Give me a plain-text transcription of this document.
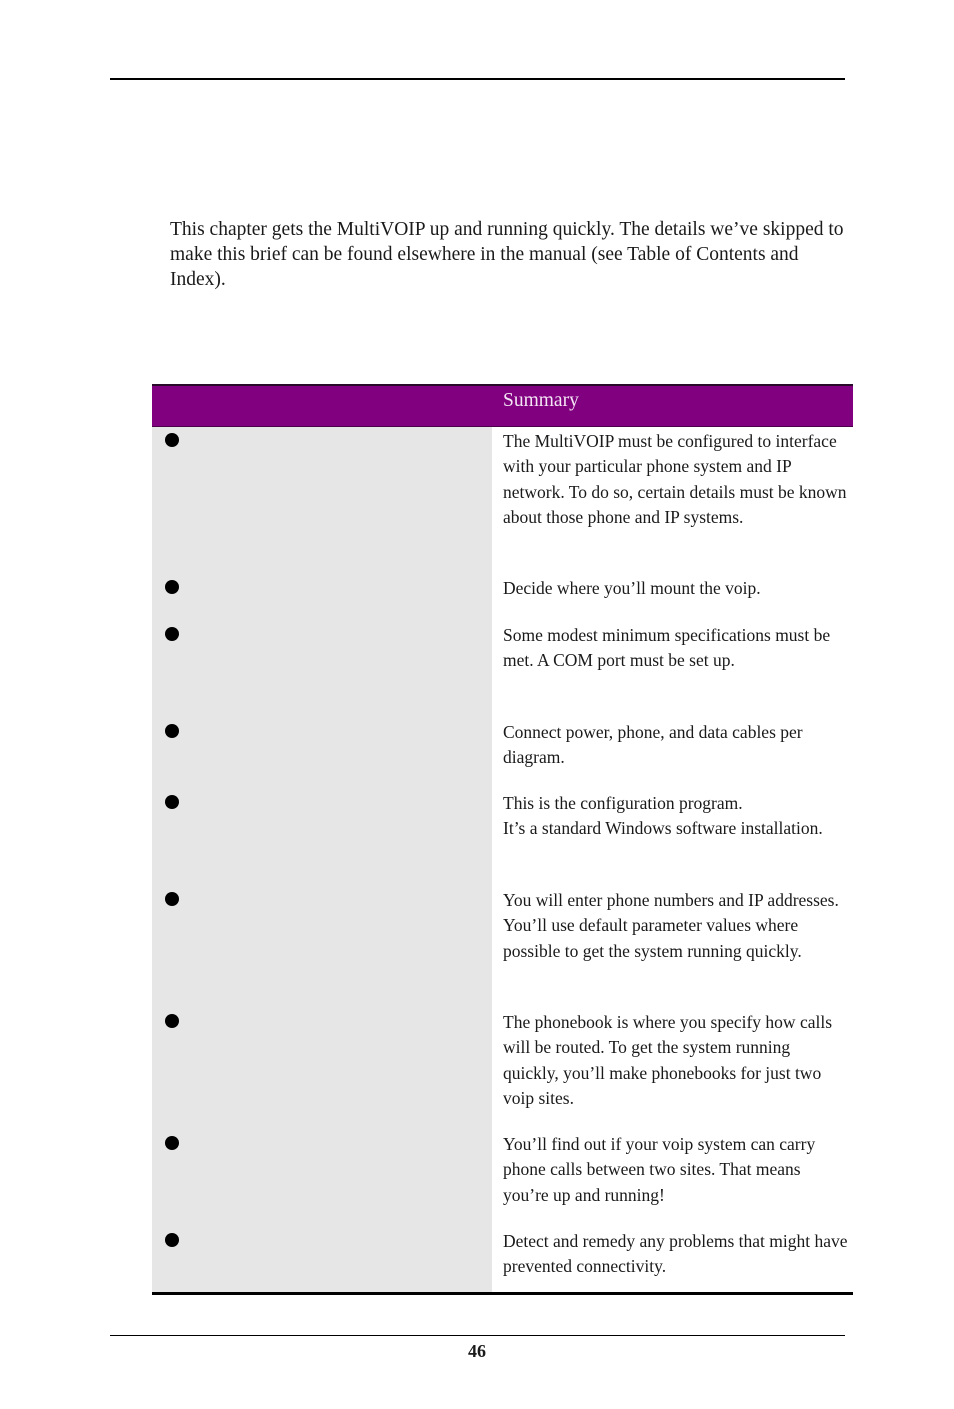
This chapter gets the MultiVOIP up and running quickly. The details we’ve skipped to make this brief can be found elsewhere in the manual (see Table of Contents and Index).

Summary

The MultiVOIP must be configured to interface with your particular phone system and IP network. To do so, certain details must be known about those phone and IP systems.

Decide where you’ll mount the voip.

Some modest minimum specifications must be met. A COM port must be set up.

Connect power, phone, and data cables per diagram.

This is the configuration program.
It’s a standard Windows software installation.

You will enter phone numbers and IP addresses. You’ll use default parameter values where possible to get the system running quickly.

The phonebook is where you specify how calls will be routed. To get the system running quickly, you’ll make phonebooks for just two voip sites.

You’ll find out if your voip system can carry phone calls between two sites. That means you’re up and running!

Detect and remedy any problems that might have prevented connectivity.

46
